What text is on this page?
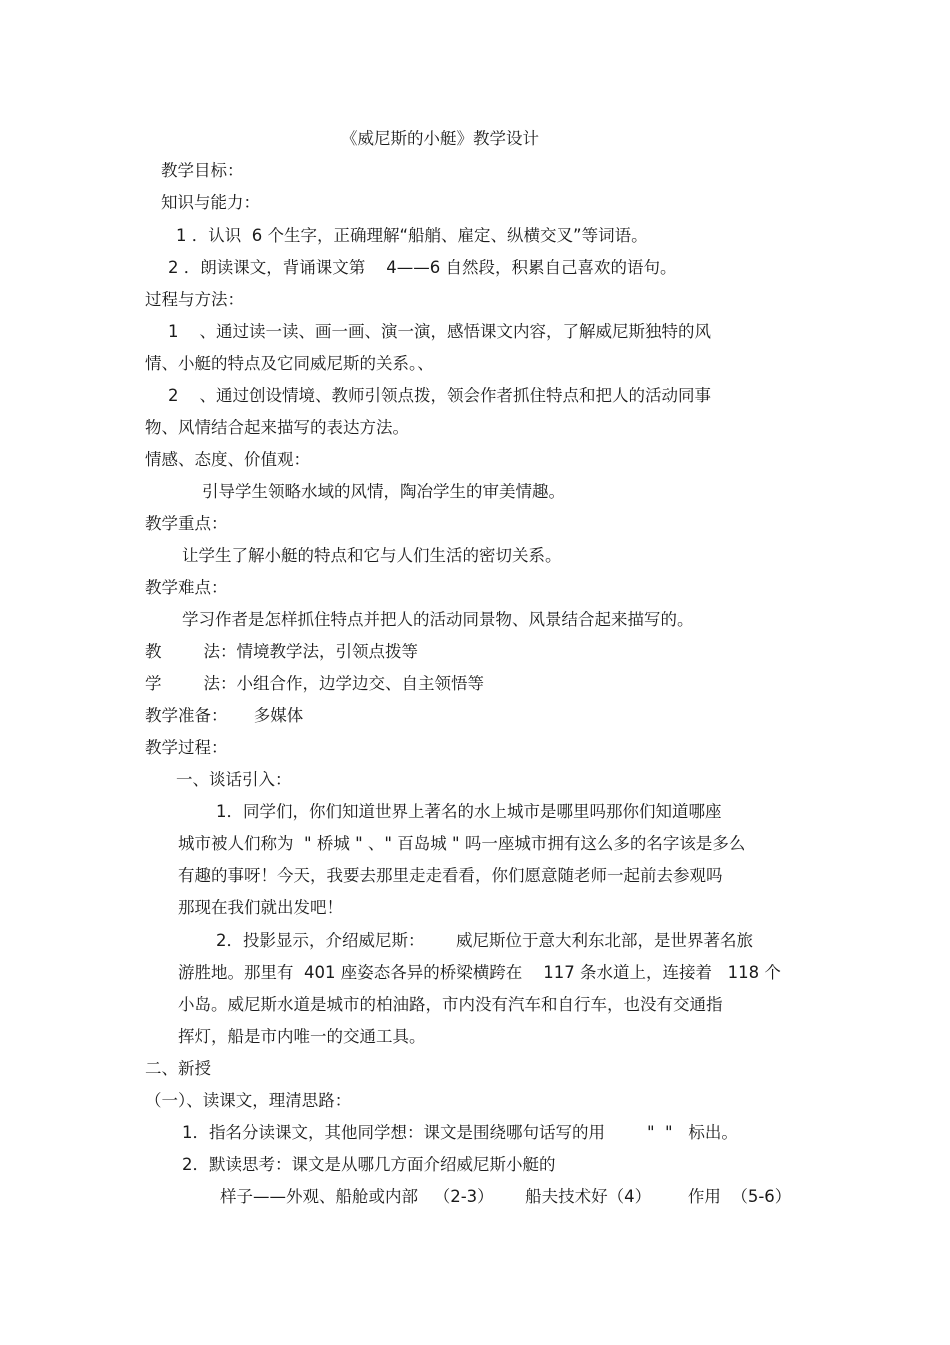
《威尼斯的小艇》教学设计
教学目标：
知识与能力：
1 ．认识  6 个生字，正确理解“船艄、雇定、纵横交叉”等词语。
2 ．朗读课文，背诵课文第    4——6 自然段，积累自己喜欢的语句。
过程与方法：
1    、通过读一读、画一画、演一演，感悟课文内容，了解威尼斯独特的风
情、小艇的特点及它同威尼斯的关系。、
2    、通过创设情境、教师引领点拨，领会作者抓住特点和把人的活动同事
物、风情结合起来描写的表达方法。
情感、态度、价值观：
引导学生领略水域的风情，陶冶学生的审美情趣。
教学重点：
让学生了解小艇的特点和它与人们生活的密切关系。
教学难点：
学习作者是怎样抓住特点并把人的活动同景物、风景结合起来描写的。
教        法：情境教学法，引领点拨等
学        法：小组合作，边学边交、自主领悟等
教学准备：     多媒体
教学过程：
一、谈话引入：
1．同学们，你们知道世界上著名的水上城市是哪里吗那你们知道哪座
城市被人们称为  " 桥城 " 、" 百岛城 " 吗一座城市拥有这么多的名字该是多么
有趣的事呀！今天，我要去那里走走看看，你们愿意随老师一起前去参观吗
那现在我们就出发吧！
2．投影显示，介绍威尼斯：      威尼斯位于意大利东北部，是世界著名旅
游胜地。那里有  401 座姿态各异的桥梁横跨在    117 条水道上，连接着   118 个
小岛。威尼斯水道是城市的柏油路，市内没有汽车和自行车，也没有交通指
挥灯，船是市内唯一的交通工具。
二、新授
（一）、读课文，理清思路：
1．指名分读课文，其他同学想：课文是围绕哪句话写的用        "  "   标出。
2．默读思考：课文是从哪几方面介绍威尼斯小艇的
样子——外观、船舱或内部   （2-3）      船夫技术好（4）       作用  （5-6）
